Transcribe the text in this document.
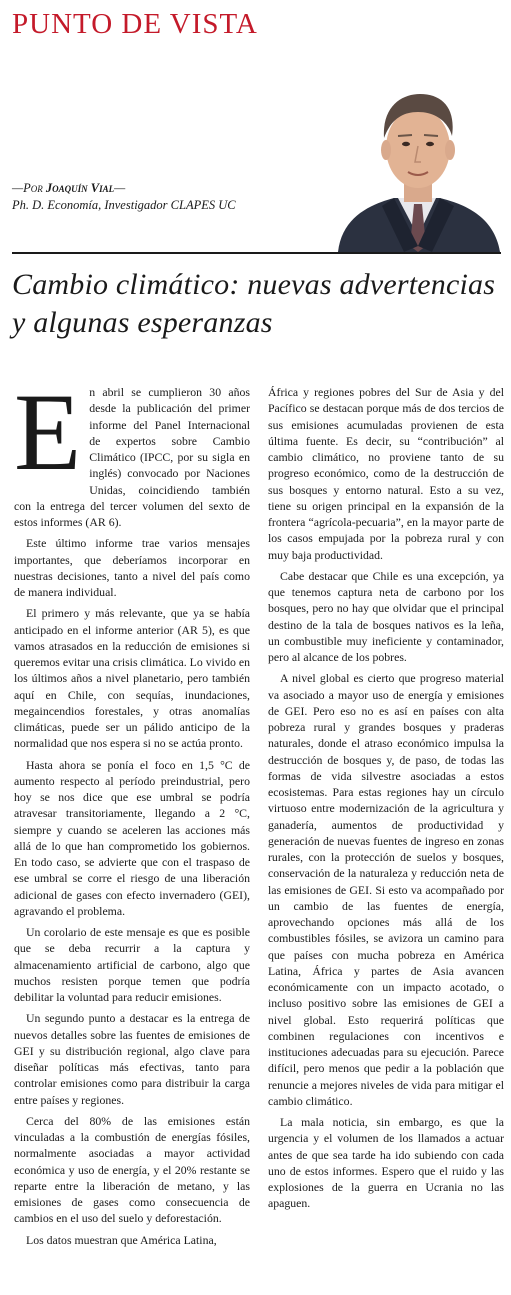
PUNTO DE VISTA
—Por Joaquín Vial—
Ph. D. Economía, Investigador CLAPES UC
Cambio climático: nuevas advertencias y algunas esperanzas
E n abril se cumplieron 30 años desde la publicación del primer informe del Panel Internacional de expertos sobre Cambio Climático (IPCC, por su sigla en inglés) convocado por Naciones Unidas, coincidiendo también con la entrega del tercer volumen del sexto de estos informes (AR 6).

Este último informe trae varios mensajes importantes, que deberíamos incorporar en nuestras decisiones, tanto a nivel del país como de manera individual.

El primero y más relevante, que ya se había anticipado en el informe anterior (AR 5), es que vamos atrasados en la reducción de emisiones si queremos evitar una crisis climática. Lo vivido en los últimos años a nivel planetario, pero también aquí en Chile, con sequías, inundaciones, megaincendios forestales, y otras anomalías climáticas, puede ser un pálido anticipo de la normalidad que nos espera si no se actúa pronto.

Hasta ahora se ponía el foco en 1,5 °C de aumento respecto al período preindustrial, pero hoy se nos dice que ese umbral se podría atravesar transitoriamente, llegando a 2 °C, siempre y cuando se aceleren las acciones más allá de lo que han comprometido los gobiernos. En todo caso, se advierte que con el traspaso de ese umbral se corre el riesgo de una liberación adicional de gases con efecto invernadero (GEI), agravando el problema.

Un corolario de este mensaje es que es posible que se deba recurrir a la captura y almacenamiento artificial de carbono, algo que muchos resisten porque temen que podría debilitar la voluntad para reducir emisiones.

Un segundo punto a destacar es la entrega de nuevos detalles sobre las fuentes de emisiones de GEI y su distribución regional, algo clave para diseñar políticas más efectivas, tanto para controlar emisiones como para distribuir la carga entre países y regiones.

Cerca del 80% de las emisiones están vinculadas a la combustión de energías fósiles, normalmente asociadas a mayor actividad económica y uso de energía, y el 20% restante se reparte entre la liberación de metano, y las emisiones de gases como consecuencia de cambios en el uso del suelo y deforestación.

Los datos muestran que América Latina,

África y regiones pobres del Sur de Asia y del Pacífico se destacan porque más de dos tercios de sus emisiones acumuladas provienen de esta última fuente. Es decir, su “contribución” al cambio climático, no proviene tanto de su progreso económico, como de la destrucción de sus bosques y entorno natural. Esto a su vez, tiene su origen principal en la expansión de la frontera “agrícola-pecuaria”, en la mayor parte de los casos empujada por la pobreza rural y con muy baja productividad.

Cabe destacar que Chile es una excepción, ya que tenemos captura neta de carbono por los bosques, pero no hay que olvidar que el principal destino de la tala de bosques nativos es la leña, un combustible muy ineficiente y contaminador, pero al alcance de los pobres.

A nivel global es cierto que progreso material va asociado a mayor uso de energía y emisiones de GEI. Pero eso no es así en países con alta pobreza rural y grandes bosques y praderas naturales, donde el atraso económico impulsa la destrucción de bosques y, de paso, de todas las formas de vida silvestre asociadas a estos ecosistemas. Para estas regiones hay un círculo virtuoso entre modernización de la agricultura y ganadería, aumentos de productividad y generación de nuevas fuentes de ingreso en zonas rurales, con la protección de suelos y bosques, conservación de la naturaleza y reducción neta de las emisiones de GEI. Si esto va acompañado por un cambio de las fuentes de energía, aprovechando opciones más allá de los combustibles fósiles, se avizora un camino para que países con mucha pobreza en América Latina, África y partes de Asia avancen económicamente con un impacto acotado, o incluso positivo sobre las emisiones de GEI a nivel global. Esto requerirá políticas que combinen regulaciones con incentivos e instituciones adecuadas para su ejecución. Parece difícil, pero menos que pedir a la población que renuncie a mejores niveles de vida para mitigar el cambio climático.

La mala noticia, sin embargo, es que la urgencia y el volumen de los llamados a actuar antes de que sea tarde ha ido subiendo con cada uno de estos informes. Espero que el ruido y las explosiones de la guerra en Ucrania no las apaguen.
